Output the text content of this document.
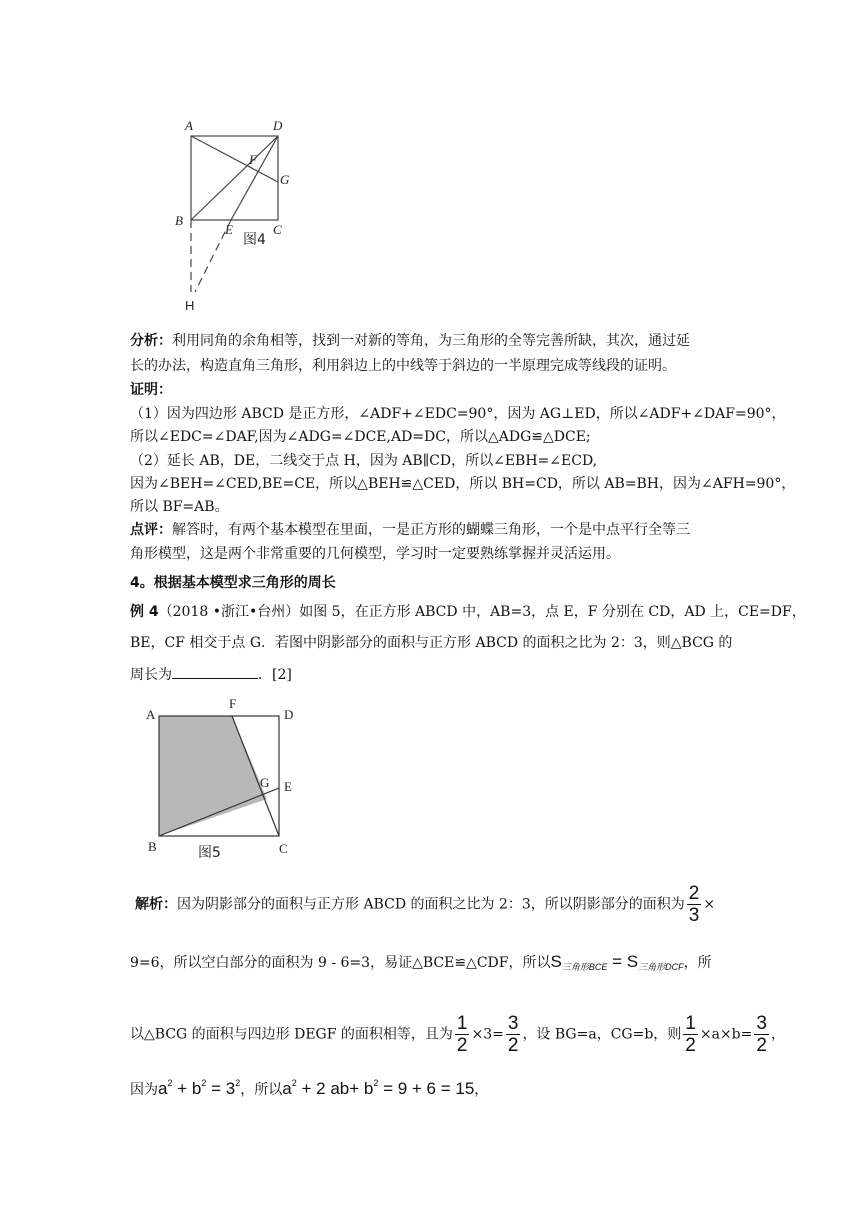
A	D
F
G
B
E	C
H
图4
分析：利用同角的余角相等，找到一对新的等角，为三角形的全等完善所缺，其次，通过延
长的办法，构造直角三角形，利用斜边上的中线等于斜边的一半原理完成等线段的证明。
证明：
（1）因为四边形 ABCD 是正方形，∠ADF+∠EDC=90°，因为 AG⊥ED，所以∠ADF+∠DAF=90°，
所以∠EDC=∠DAF,因为∠ADG=∠DCE,AD=DC，所以△ADG≌△DCE;
（2）延长 AB，DE，二线交于点 H，因为 AB∥CD，所以∠EBH=∠ECD,
因为∠BEH=∠CED,BE=CE，所以△BEH≌△CED，所以 BH=CD，所以 AB=BH，因为∠AFH=90°，
所以 BF=AB。
点评：解答时，有两个基本模型在里面，一是正方形的蝴蝶三角形，一个是中点平行全等三
角形模型，这是两个非常重要的几何模型，学习时一定要熟练掌握并灵活运用。
4。根据基本模型求三角形的周长
例 4（2018 •浙江•台州）如图 5，在正方形 ABCD 中，AB=3，点 E，F 分别在 CD，AD 上，CE=DF，
BE，CF 相交于点 G．若图中阴影部分的面积与正方形 ABCD 的面积之比为 2：3，则△BCG 的
周长为	．[2]
A
F
D
G E
B	C
图5
解析：因为阴影部分的面积与正方形 ABCD 的面积之比为 2：3，所以阴影部分的面积为 $\frac{2}{3}$ ×
9=6，所以空白部分的面积为 9 - 6=3，易证△BCE≌△CDF，所以$S_{三角形BCE} = S_{三角形DCF}$，所
以△BCG 的面积与四边形 DEGF 的面积相等，且为 $\frac{1}{2} \times 3= \frac{3}{2}$ ，设 BG=a，CG=b，则 $\frac{1}{2} \times a\times b= \frac{3}{2}$ ，
因为$a^2 + b^2 = 3^2$，所以$a^2 + 2$ $ab+ b^2 = 9 + 6 = 15$，
